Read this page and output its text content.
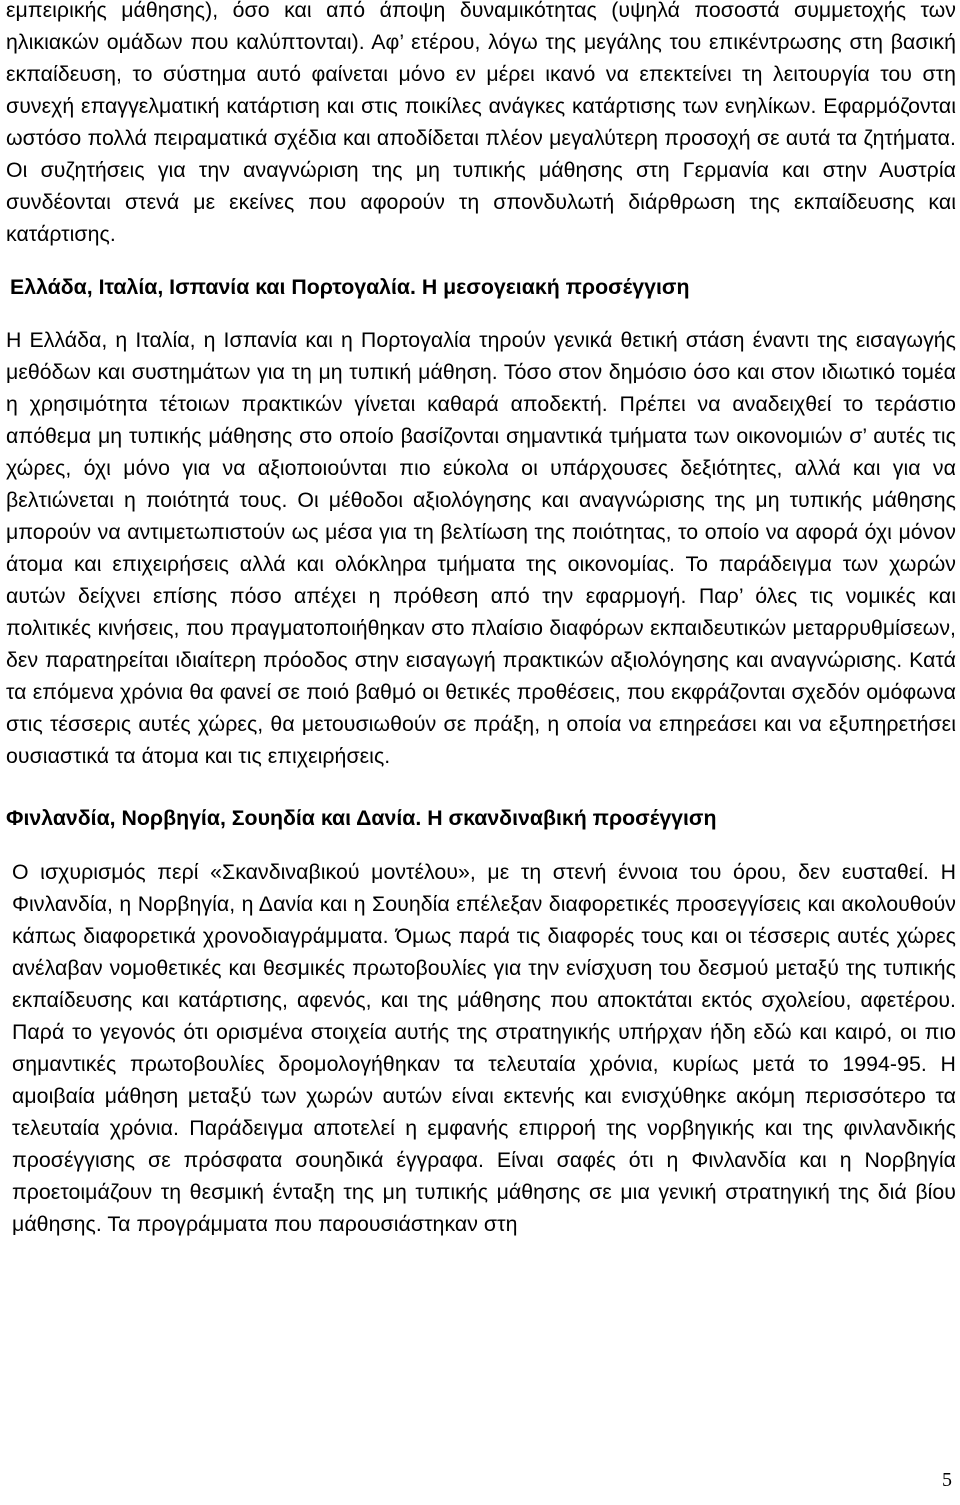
εμπειρικής μάθησης), όσο και από άποψη δυναμικότητας (υψηλά ποσοστά συμμετοχής των ηλικιακών ομάδων που καλύπτονται). Αφ’ ετέρου, λόγω της μεγάλης του επικέντρωσης στη βασική εκπαίδευση, το σύστημα αυτό φαίνεται μόνο εν μέρει ικανό να επεκτείνει τη λειτουργία του στη συνεχή επαγγελματική κατάρτιση και στις ποικίλες ανάγκες κατάρτισης των ενηλίκων. Εφαρμόζονται ωστόσο πολλά πειραματικά σχέδια και αποδίδεται πλέον μεγαλύτερη προσοχή σε αυτά τα ζητήματα. Οι συζητήσεις για την αναγνώριση της μη τυπικής μάθησης στη Γερμανία και στην Αυστρία συνδέονται στενά με εκείνες που αφορούν τη σπονδυλωτή διάρθρωση της εκπαίδευσης και κατάρτισης.

Ελλάδα, Ιταλία, Ισπανία και Πορτογαλία. Η μεσογειακή προσέγγιση

Η Ελλάδα, η Ιταλία, η Ισπανία και η Πορτογαλία τηρούν γενικά θετική στάση έναντι της εισαγωγής μεθόδων και συστημάτων για τη μη τυπική μάθηση. Τόσο στον δημόσιο όσο και στον ιδιωτικό τομέα η χρησιμότητα τέτοιων πρακτικών γίνεται καθαρά αποδεκτή. Πρέπει να αναδειχθεί το τεράστιο απόθεμα μη τυπικής μάθησης στο οποίο βασίζονται σημαντικά τμήματα των οικονομιών σ’ αυτές τις χώρες, όχι μόνο για να αξιοποιούνται πιο εύκολα οι υπάρχουσες δεξιότητες, αλλά και για να βελτιώνεται η ποιότητά τους. Οι μέθοδοι αξιολόγησης και αναγνώρισης της μη τυπικής μάθησης μπορούν να αντιμετωπιστούν ως μέσα για τη βελτίωση της ποιότητας, το οποίο να αφορά όχι μόνον άτομα και επιχειρήσεις αλλά και ολόκληρα τμήματα της οικονομίας. Το παράδειγμα των χωρών αυτών δείχνει επίσης πόσο απέχει η πρόθεση από την εφαρμογή. Παρ’ όλες τις νομικές και πολιτικές κινήσεις, που πραγματοποιήθηκαν στο πλαίσιο διαφόρων εκπαιδευτικών μεταρρυθμίσεων, δεν παρατηρείται ιδιαίτερη πρόοδος στην εισαγωγή πρακτικών αξιολόγησης και αναγνώρισης. Κατά τα επόμενα χρόνια θα φανεί σε ποιό βαθμό οι θετικές προθέσεις, που εκφράζονται σχεδόν ομόφωνα στις τέσσερις αυτές χώρες, θα μετουσιωθούν σε πράξη, η οποία να επηρεάσει και να εξυπηρετήσει ουσιαστικά τα άτομα και τις επιχειρήσεις.

Φινλανδία, Νορβηγία, Σουηδία και Δανία. Η σκανδιναβική προσέγγιση

Ο ισχυρισμός περί «Σκανδιναβικού μοντέλου», με τη στενή έννοια του όρου, δεν ευσταθεί. Η Φινλανδία, η Νορβηγία, η Δανία και η Σουηδία επέλεξαν διαφορετικές προσεγγίσεις και ακολουθούν κάπως διαφορετικά χρονοδιαγράμματα. Όμως παρά τις διαφορές τους και οι τέσσερις αυτές χώρες ανέλαβαν νομοθετικές και θεσμικές πρωτοβουλίες για την ενίσχυση του δεσμού μεταξύ της τυπικής εκπαίδευσης και κατάρτισης, αφενός, και της μάθησης που αποκτάται εκτός σχολείου, αφετέρου. Παρά το γεγονός ότι ορισμένα στοιχεία αυτής της στρατηγικής υπήρχαν ήδη εδώ και καιρό, οι πιο σημαντικές πρωτοβουλίες δρομολογήθηκαν τα τελευταία χρόνια, κυρίως μετά το 1994-95. Η αμοιβαία μάθηση μεταξύ των χωρών αυτών είναι εκτενής και ενισχύθηκε ακόμη περισσότερο τα τελευταία χρόνια. Παράδειγμα αποτελεί η εμφανής επιρροή της νορβηγικής και της φινλανδικής προσέγγισης σε πρόσφατα σουηδικά έγγραφα. Είναι σαφές ότι η Φινλανδία και η Νορβηγία προετοιμάζουν τη θεσμική ένταξη της μη τυπικής μάθησης σε μια γενική στρατηγική της διά βίου μάθησης. Τα προγράμματα που παρουσιάστηκαν στη

5
